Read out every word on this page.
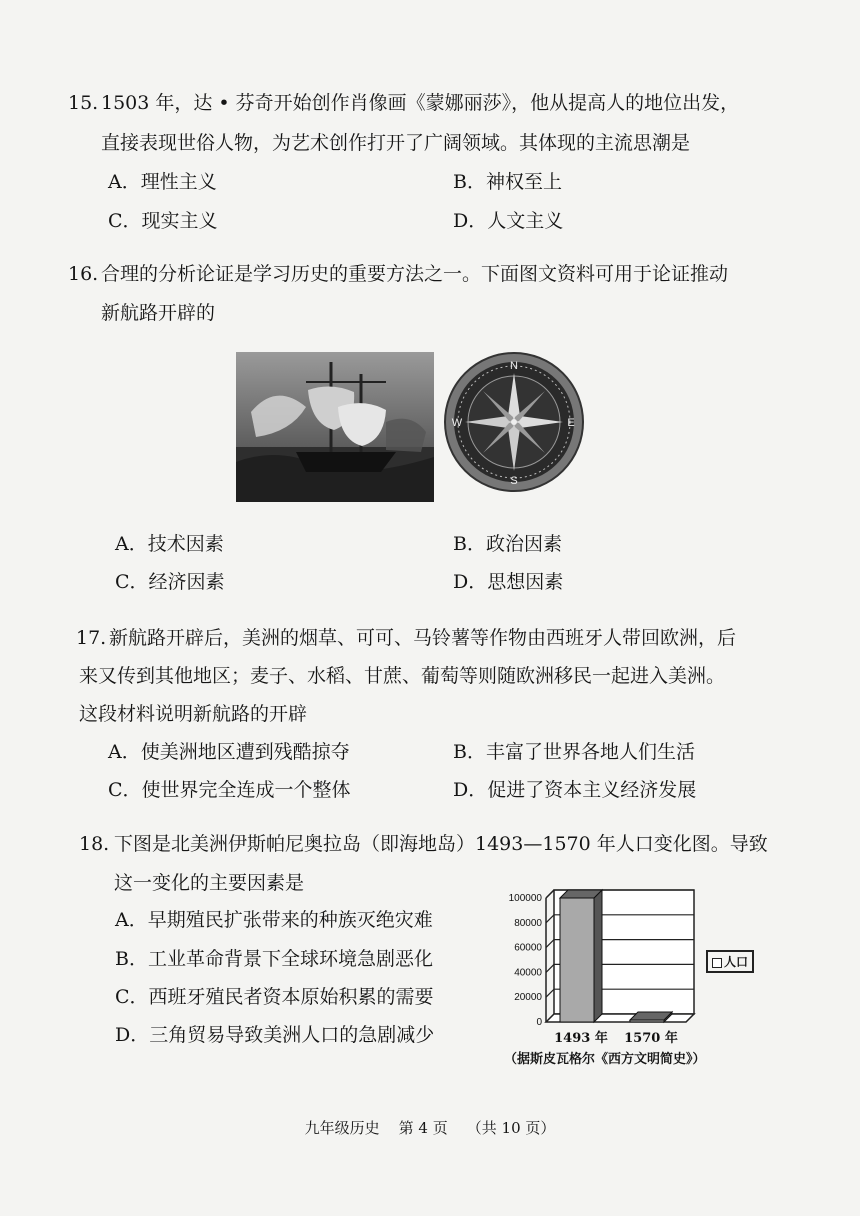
15. 1503 年，达 • 芬奇开始创作肖像画《蒙娜丽莎》，他从提高人的地位出发，
直接表现世俗人物，为艺术创作打开了广阔领域。其体现的主流思潮是
A．理性主义	B．神权至上
C．现实主义	D．人文主义
16. 合理的分析论证是学习历史的重要方法之一。下面图文资料可用于论证推动
新航路开辟的
A．技术因素	B．政治因素
C．经济因素	D．思想因素
N
E
S
W
17. 新航路开辟后，美洲的烟草、可可、马铃薯等作物由西班牙人带回欧洲，后
来又传到其他地区；麦子、水稻、甘蔗、葡萄等则随欧洲移民一起进入美洲。
这段材料说明新航路的开辟
A．使美洲地区遭到残酷掠夺	B．丰富了世界各地人们生活
C．使世界完全连成一个整体	D．促进了资本主义经济发展
18. 下图是北美洲伊斯帕尼奥拉岛（即海地岛）1493—1570 年人口变化图。导致
这一变化的主要因素是
A．早期殖民扩张带来的种族灭绝灾难
B．工业革命背景下全球环境急剧恶化
C．西班牙殖民者资本原始积累的需要
D．三角贸易导致美洲人口的急剧减少
0
20000
40000
60000
80000
100000
1493 年 1570 年
人口
（据斯皮瓦格尔《西方文明简史》）
九年级历史    第 4 页    （共 10 页）
